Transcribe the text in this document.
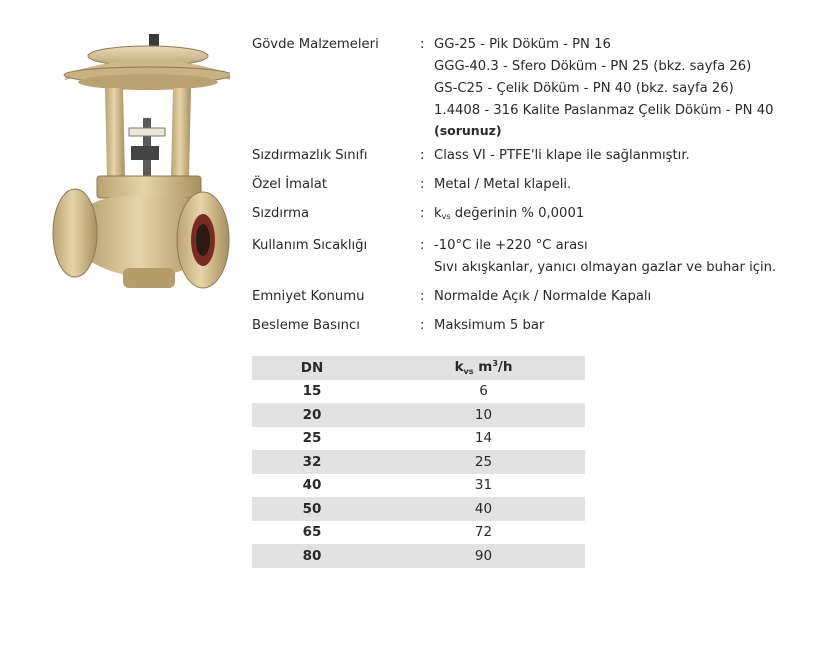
Gövde Malzemeleri	: GG-25 - Pik Döküm - PN 16
GGG-40.3 - Sfero Döküm - PN 25 (bkz. sayfa 26)
GS-C25 - Çelik Döküm - PN 40 (bkz. sayfa 26)
1.4408 - 316 Kalite Paslanmaz Çelik Döküm - PN 40
(sorunuz)
Sızdırmazlık Sınıfı	: Class VI - PTFE'li klape ile sağlanmıştır.
Özel İmalat	: Metal / Metal klapeli.
Sızdırma	: $k_{vs}$ değerinin % 0,0001
Kullanım Sıcaklığı	: -10°C ile +220 °C arası
Sıvı akışkanlar, yanıcı olmayan gazlar ve buhar için.
Emniyet Konumu	: Normalde Açık / Normalde Kapalı
Besleme Basıncı	: Maksimum 5 bar
DN	$k_{vs}$ $m^3/h$
15	6
20	10
25	14
32	25
40	31
50	40
65	72
80	90
